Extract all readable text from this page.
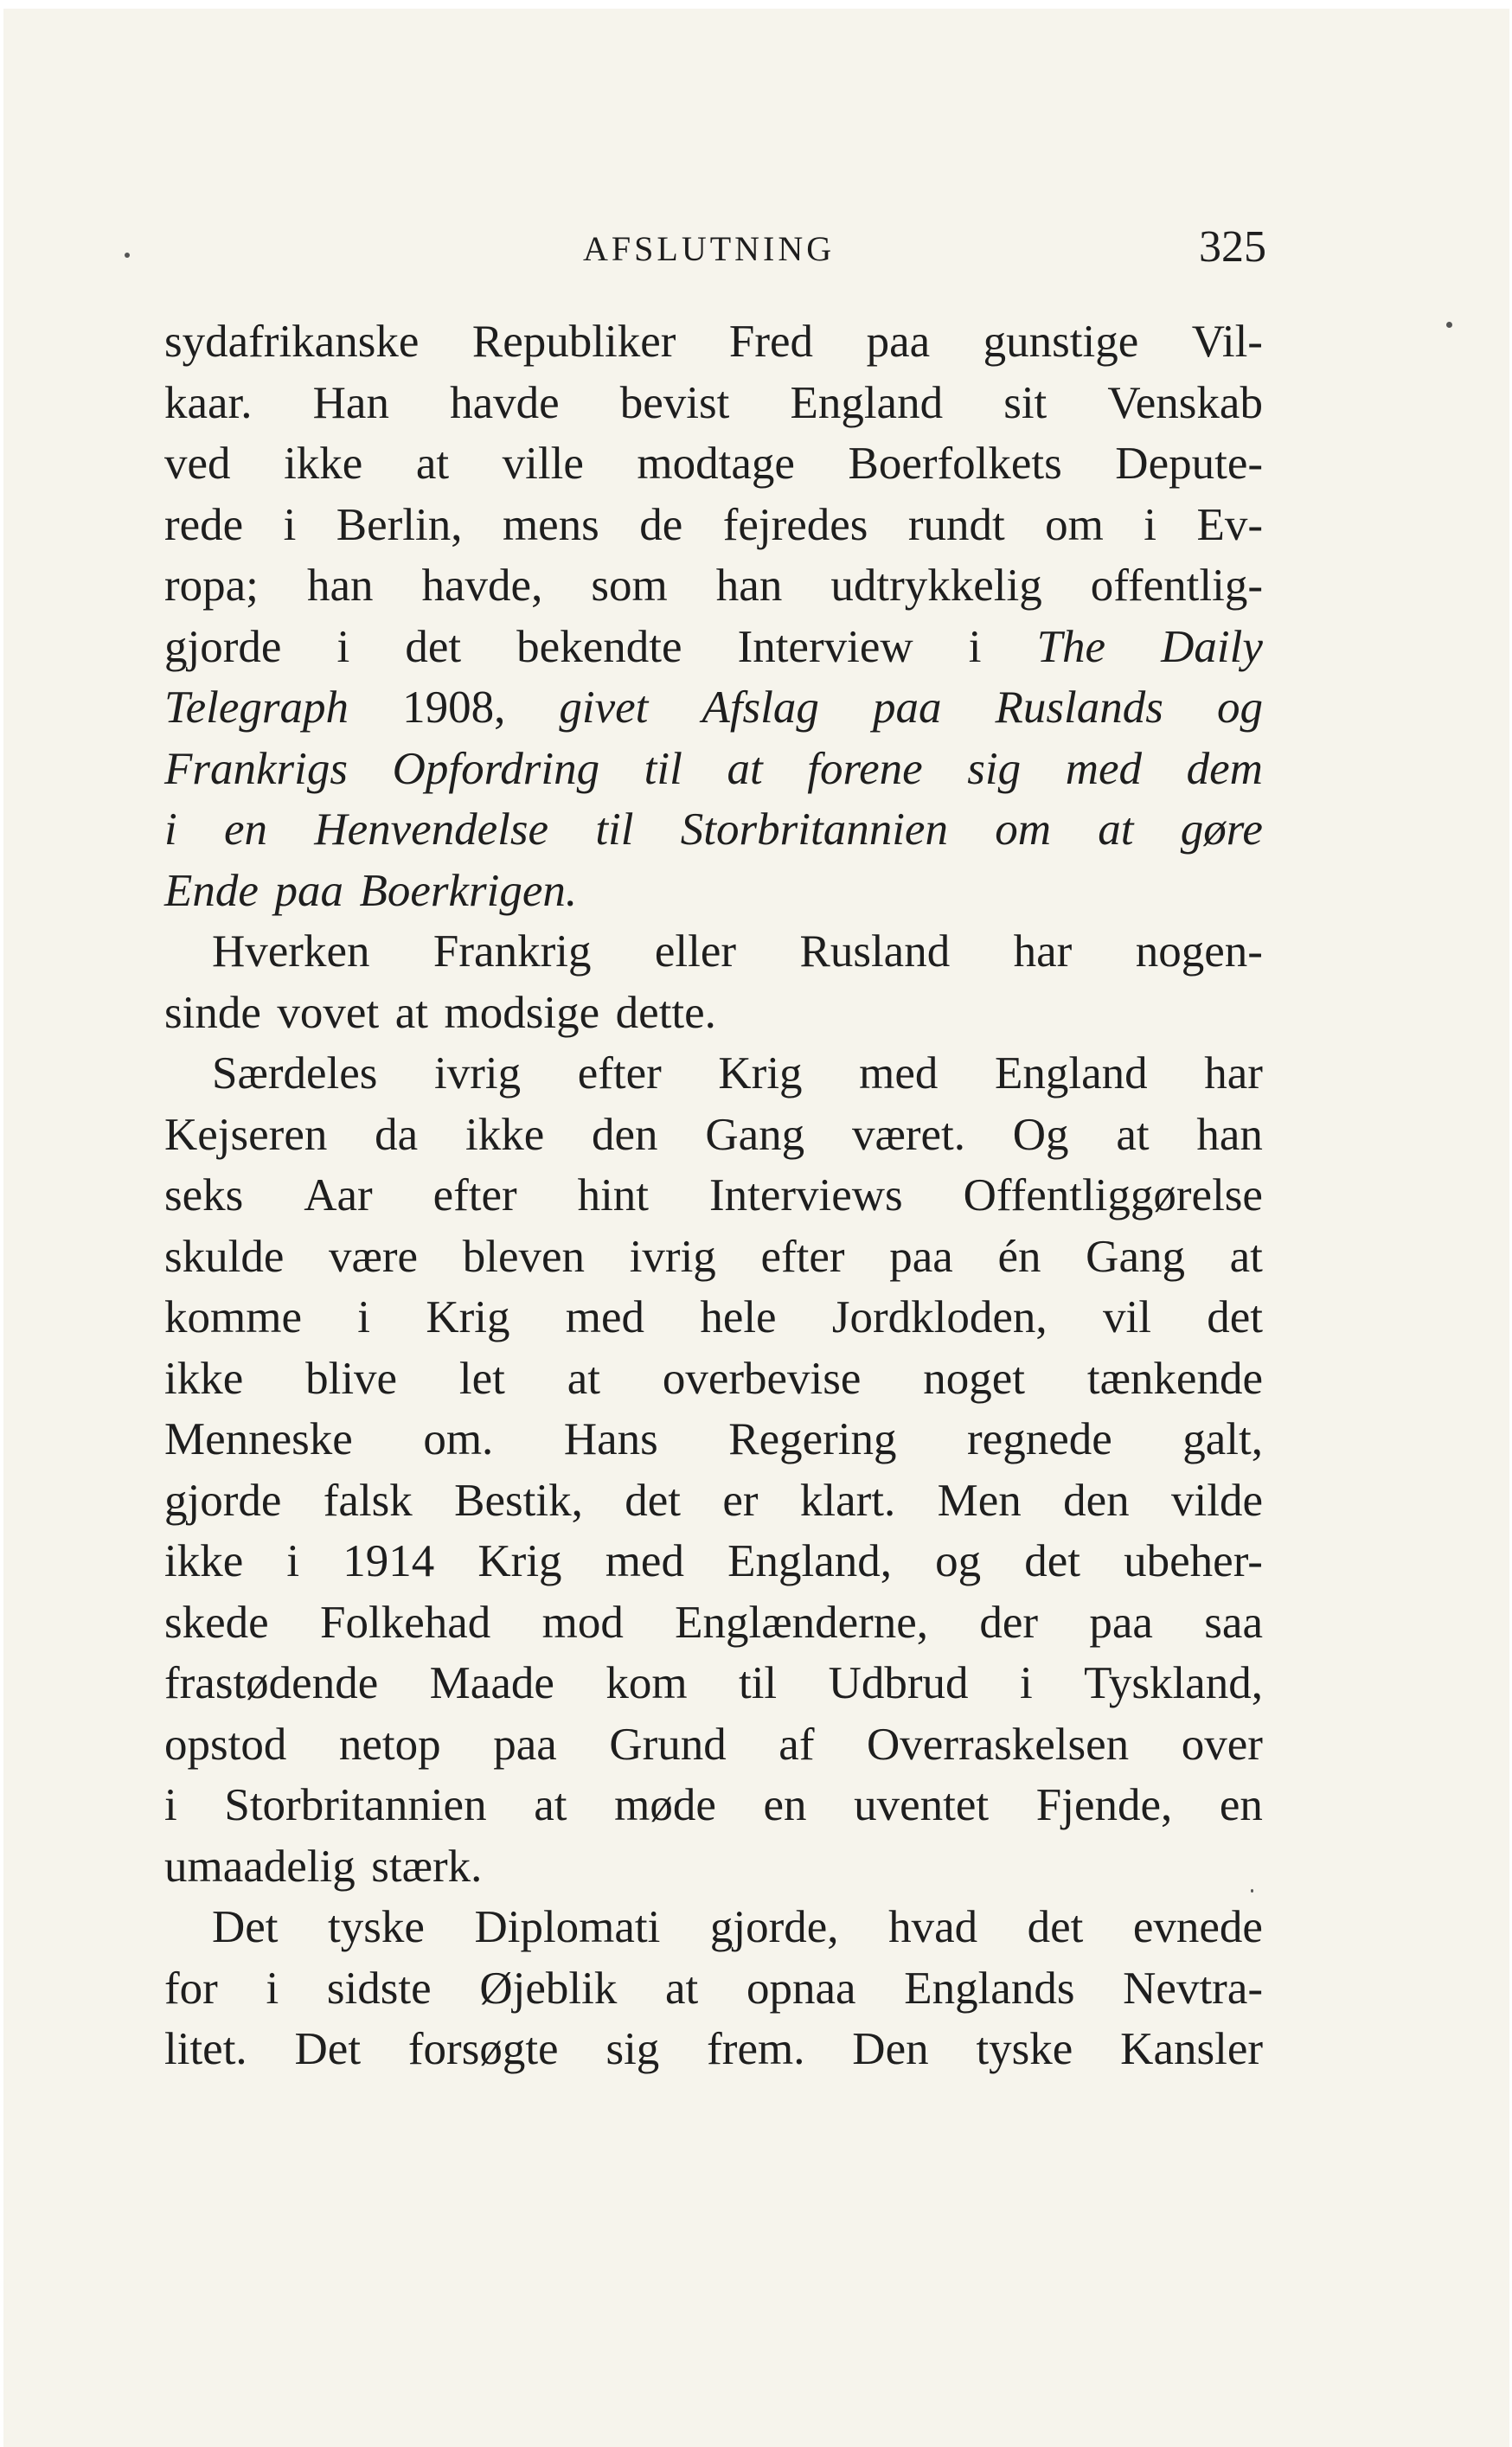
AFSLUTNING	325
sydafrikanske Republiker Fred paa gunstige Vil-
kaar. Han havde bevist England sit Venskab
ved ikke at ville modtage Boerfolkets Depute-
rede i Berlin, mens de fejredes rundt om i Ev-
ropa; han havde, som han udtrykkelig offentlig-
gjorde i det bekendte Interview i The Daily
Telegraph 1908, givet Afslag paa Ruslands og
Frankrigs Opfordring til at forene sig med dem
i en Henvendelse til Storbritannien om at gøre
Ende paa Boerkrigen.
Hverken Frankrig eller Rusland har nogen-
sinde vovet at modsige dette.
Særdeles ivrig efter Krig med England har
Kejseren da ikke den Gang været. Og at han
seks Aar efter hint Interviews Offentliggørelse
skulde være bleven ivrig efter paa én Gang at
komme i Krig med hele Jordkloden, vil det
ikke blive let at overbevise noget tænkende
Menneske om. Hans Regering regnede galt,
gjorde falsk Bestik, det er klart. Men den vilde
ikke i 1914 Krig med England, og det ubeher-
skede Folkehad mod Englænderne, der paa saa
frastødende Maade kom til Udbrud i Tyskland,
opstod netop paa Grund af Overraskelsen over
i Storbritannien at møde en uventet Fjende, en
umaadelig stærk.
Det tyske Diplomati gjorde, hvad det evnede
for i sidste Øjeblik at opnaa Englands Nevtra-
litet. Det forsøgte sig frem. Den tyske Kansler
